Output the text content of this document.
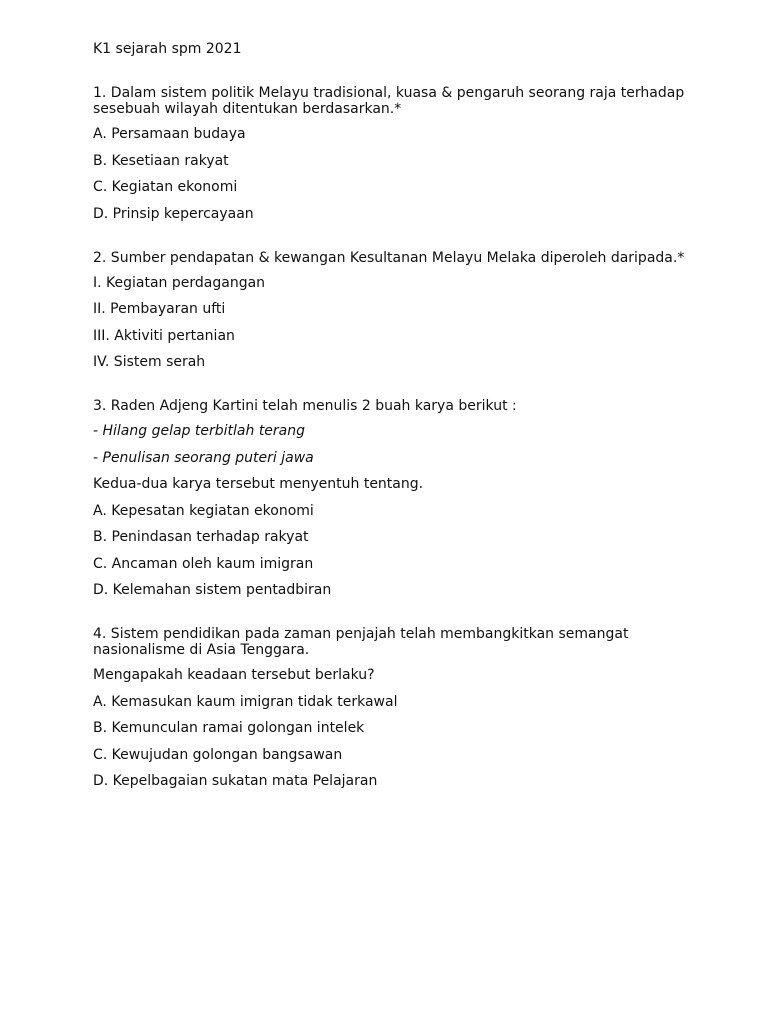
K1 sejarah spm 2021

1. Dalam sistem politik Melayu tradisional, kuasa & pengaruh seorang raja terhadap sesebuah wilayah ditentukan berdasarkan.*

A. Persamaan budaya

B. Kesetiaan rakyat

C. Kegiatan ekonomi

D. Prinsip kepercayaan

2. Sumber pendapatan & kewangan Kesultanan Melayu Melaka diperoleh daripada.*

I. Kegiatan perdagangan

II. Pembayaran ufti

III. Aktiviti pertanian

IV. Sistem serah

3. Raden Adjeng Kartini telah menulis 2 buah karya berikut :

- Hilang gelap terbitlah terang

- Penulisan seorang puteri jawa

Kedua-dua karya tersebut menyentuh tentang.

A. Kepesatan kegiatan ekonomi

B. Penindasan terhadap rakyat

C. Ancaman oleh kaum imigran

D. Kelemahan sistem pentadbiran

4. Sistem pendidikan pada zaman penjajah telah membangkitkan semangat nasionalisme di Asia Tenggara.

Mengapakah keadaan tersebut berlaku?

A. Kemasukan kaum imigran tidak terkawal

B. Kemunculan ramai golongan intelek

C. Kewujudan golongan bangsawan

D. Kepelbagaian sukatan mata Pelajaran
